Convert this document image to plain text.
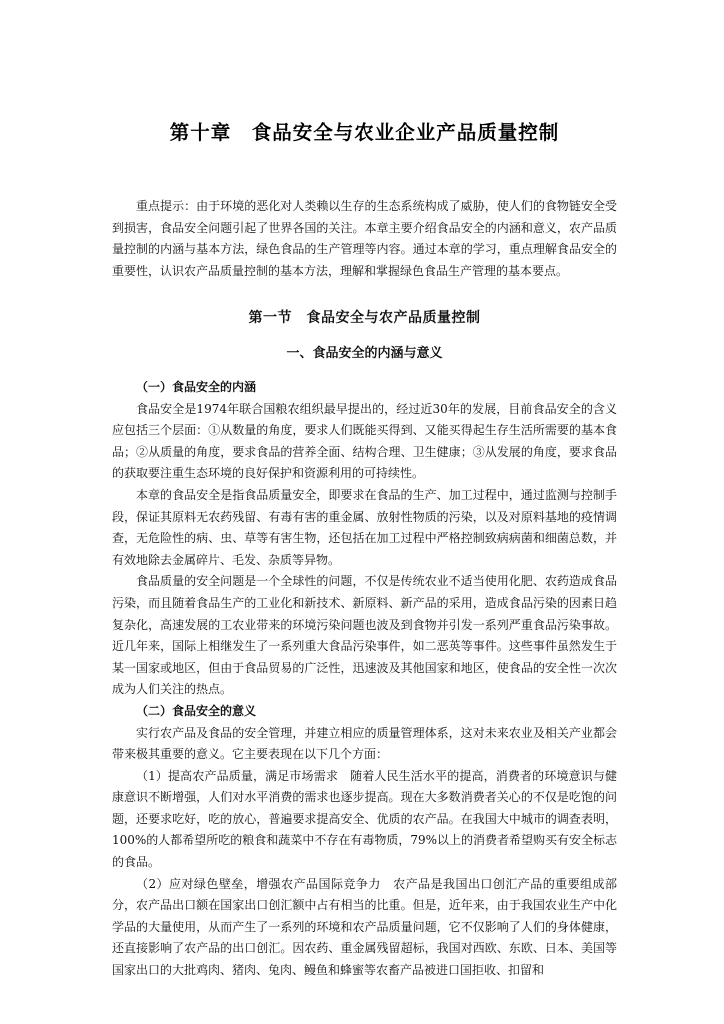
第十章　食品安全与农业企业产品质量控制

重点提示：由于环境的恶化对人类赖以生存的生态系统构成了威胁，使人们的食物链安全受到损害，食品安全问题引起了世界各国的关注。本章主要介绍食品安全的内涵和意义，农产品质量控制的内涵与基本方法，绿色食品的生产管理等内容。通过本章的学习，重点理解食品安全的重要性，认识农产品质量控制的基本方法，理解和掌握绿色食品生产管理的基本要点。

第一节　食品安全与农产品质量控制
一、食品安全的内涵与意义

（一）食品安全的内涵

食品安全是1974年联合国粮农组织最早提出的，经过近30年的发展，目前食品安全的含义应包括三个层面：①从数量的角度，要求人们既能买得到、又能买得起生存生活所需要的基本食品；②从质量的角度，要求食品的营养全面、结构合理、卫生健康；③从发展的角度，要求食品的获取要注重生态环境的良好保护和资源利用的可持续性。

本章的食品安全是指食品质量安全，即要求在食品的生产、加工过程中，通过监测与控制手段，保证其原料无农药残留、有毒有害的重金属、放射性物质的污染，以及对原料基地的疫情调查，无危险性的病、虫、草等有害生物，还包括在加工过程中严格控制致病病菌和细菌总数，并有效地除去金属碎片、毛发、杂质等异物。

食品质量的安全问题是一个全球性的问题，不仅是传统农业不适当使用化肥、农药造成食品污染，而且随着食品生产的工业化和新技术、新原料、新产品的采用，造成食品污染的因素日趋复杂化，高速发展的工农业带来的环境污染问题也波及到食物并引发一系列严重食品污染事故。近几年来，国际上相继发生了一系列重大食品污染事件，如二恶英等事件。这些事件虽然发生于某一国家或地区，但由于食品贸易的广泛性，迅速波及其他国家和地区，使食品的安全性一次次成为人们关注的热点。

（二）食品安全的意义

实行农产品及食品的安全管理，并建立相应的质量管理体系，这对未来农业及相关产业都会带来极其重要的意义。它主要表现在以下几个方面：

（1）提高农产品质量，满足市场需求　随着人民生活水平的提高，消费者的环境意识与健康意识不断增强，人们对水平消费的需求也逐步提高。现在大多数消费者关心的不仅是吃饱的问题，还要求吃好，吃的放心，普遍要求提高安全、优质的农产品。在我国大中城市的调查表明，100%的人都希望所吃的粮食和蔬菜中不存在有毒物质，79%以上的消费者希望购买有安全标志的食品。

（2）应对绿色壁垒，增强农产品国际竞争力　农产品是我国出口创汇产品的重要组成部分，农产品出口额在国家出口创汇额中占有相当的比重。但是，近年来，由于我国农业生产中化学品的大量使用，从而产生了一系列的环境和农产品质量问题，它不仅影响了人们的身体健康，还直接影响了农产品的出口创汇。因农药、重金属残留超标，我国对西欧、东欧、日本、美国等国家出口的大批鸡肉、猪肉、兔肉、鳗鱼和蜂蜜等农畜产品被进口国拒收、扣留和
